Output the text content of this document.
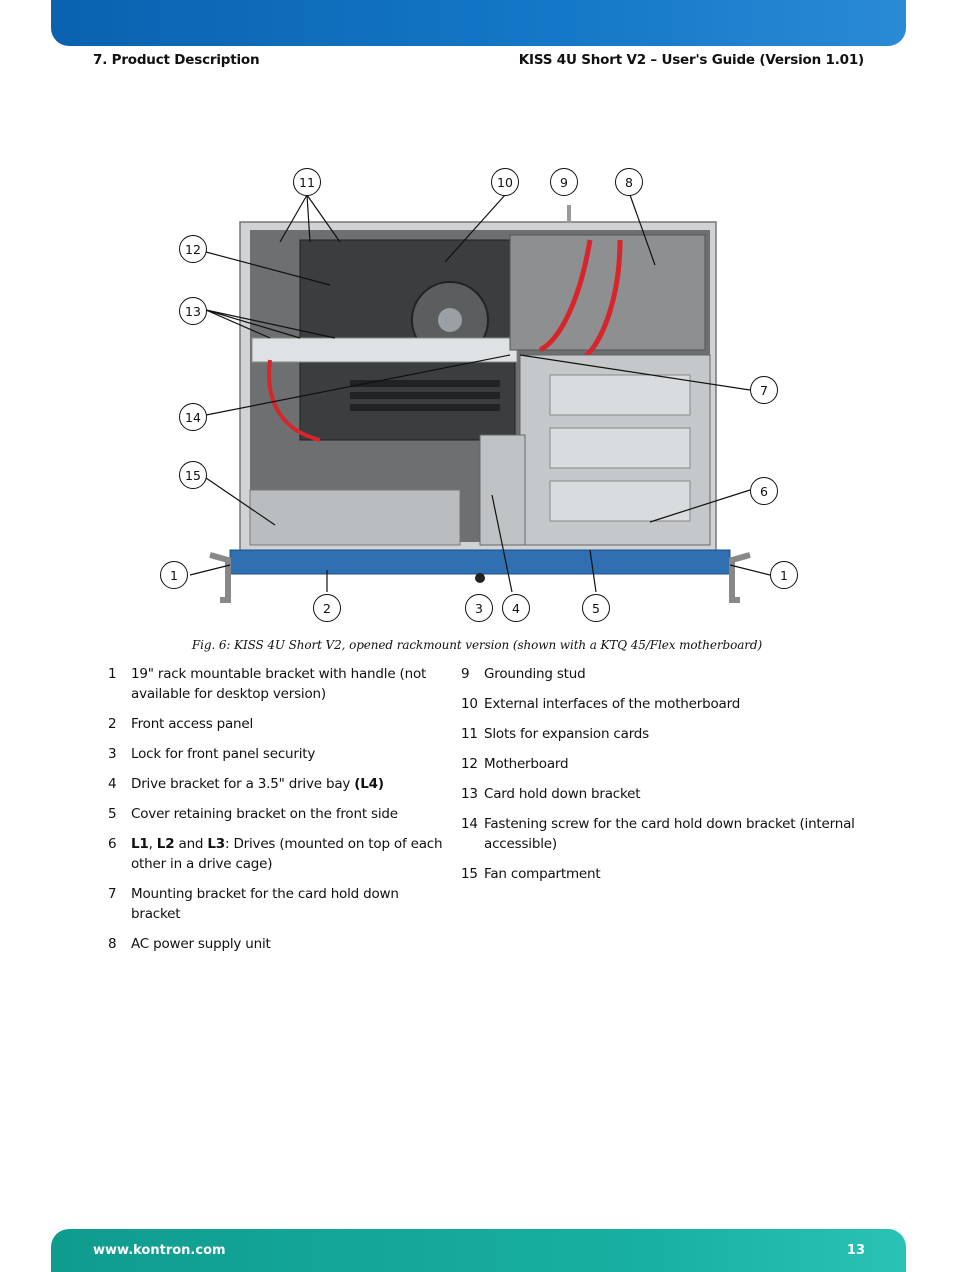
7. Product Description	KISS 4U Short V2 – User's Guide (Version 1.01)
11	10	9	8
12
13
7
14
6
15
1	1
2	3	4	5
Fig. 6: KISS 4U Short V2, opened rackmount version (shown with a KTQ 45/Flex motherboard)
1 19" rack mountable bracket with handle (not available for desktop version)
2 Front access panel
3 Lock for front panel security
4 Drive bracket for a 3.5" drive bay (L4)
5 Cover retaining bracket on the front side
6 L1, L2 and L3: Drives (mounted on top of each other in a drive cage)
7 Mounting bracket for the card hold down bracket
8 AC power supply unit
9 Grounding stud
10 External interfaces of the motherboard
11 Slots for expansion cards
12 Motherboard
13 Card hold down bracket
14 Fastening screw for the card hold down bracket (internal accessible)
15 Fan compartment
www.kontron.com	13
